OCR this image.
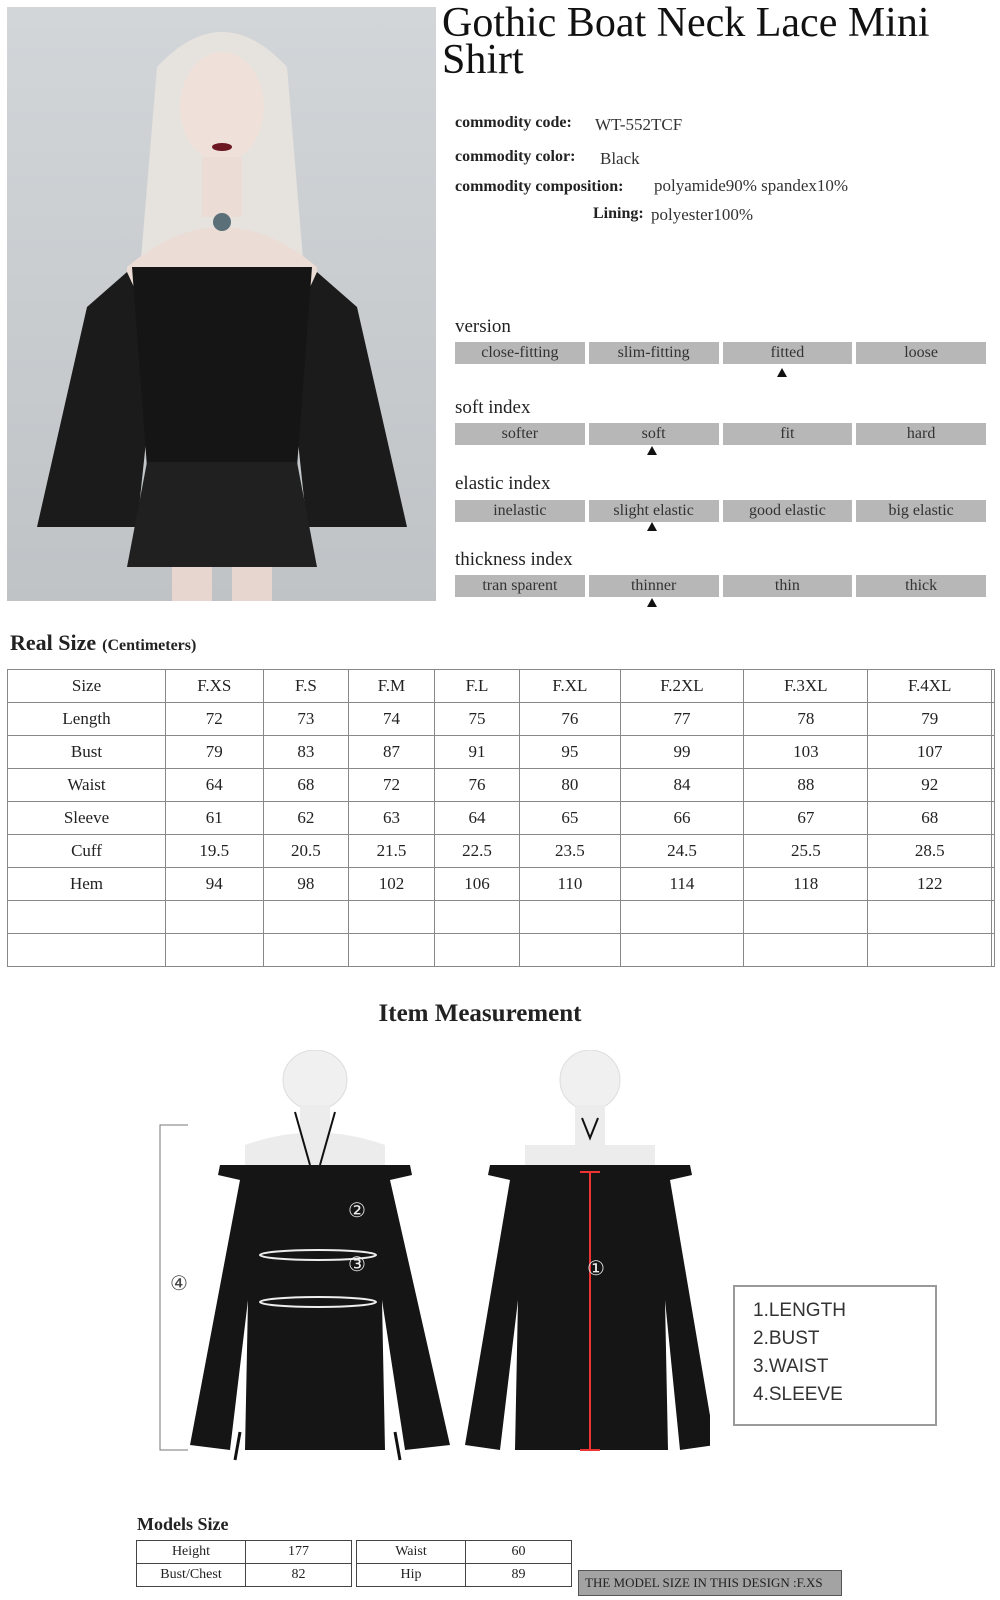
Gothic Boat Neck Lace Mini Shirt
commodity code: WT-552TCF
commodity color: Black
commodity composition: polyamide90% spandex10%
Lining: polyester100%
version
close-fitting	slim-fitting	fitted	loose
soft index
softer	soft	fit	hard
elastic index
inelastic	slight elastic	good elastic	big elastic
thickness index
tran sparent	thinner	thin	thick
Real Size (Centimeters)
Size	F.XS	F.S	F.M	F.L	F.XL	F.2XL	F.3XL	F.4XL	
Length	72	73	74	75	76	77	78	79	
Bust	79	83	87	91	95	99	103	107	
Waist	64	68	72	76	80	84	88	92	
Sleeve	61	62	63	64	65	66	67	68	
Cuff	19.5	20.5	21.5	22.5	23.5	24.5	25.5	28.5	
Hem	94	98	102	106	110	114	118	122	

Item Measurement
①
②
③
④
1.LENGTH
2.BUST
3.WAIST
4.SLEEVE
Models Size
Height	177
Bust/Chest	82
Waist	60
Hip	89
THE MODEL SIZE IN THIS DESIGN :F.XS
